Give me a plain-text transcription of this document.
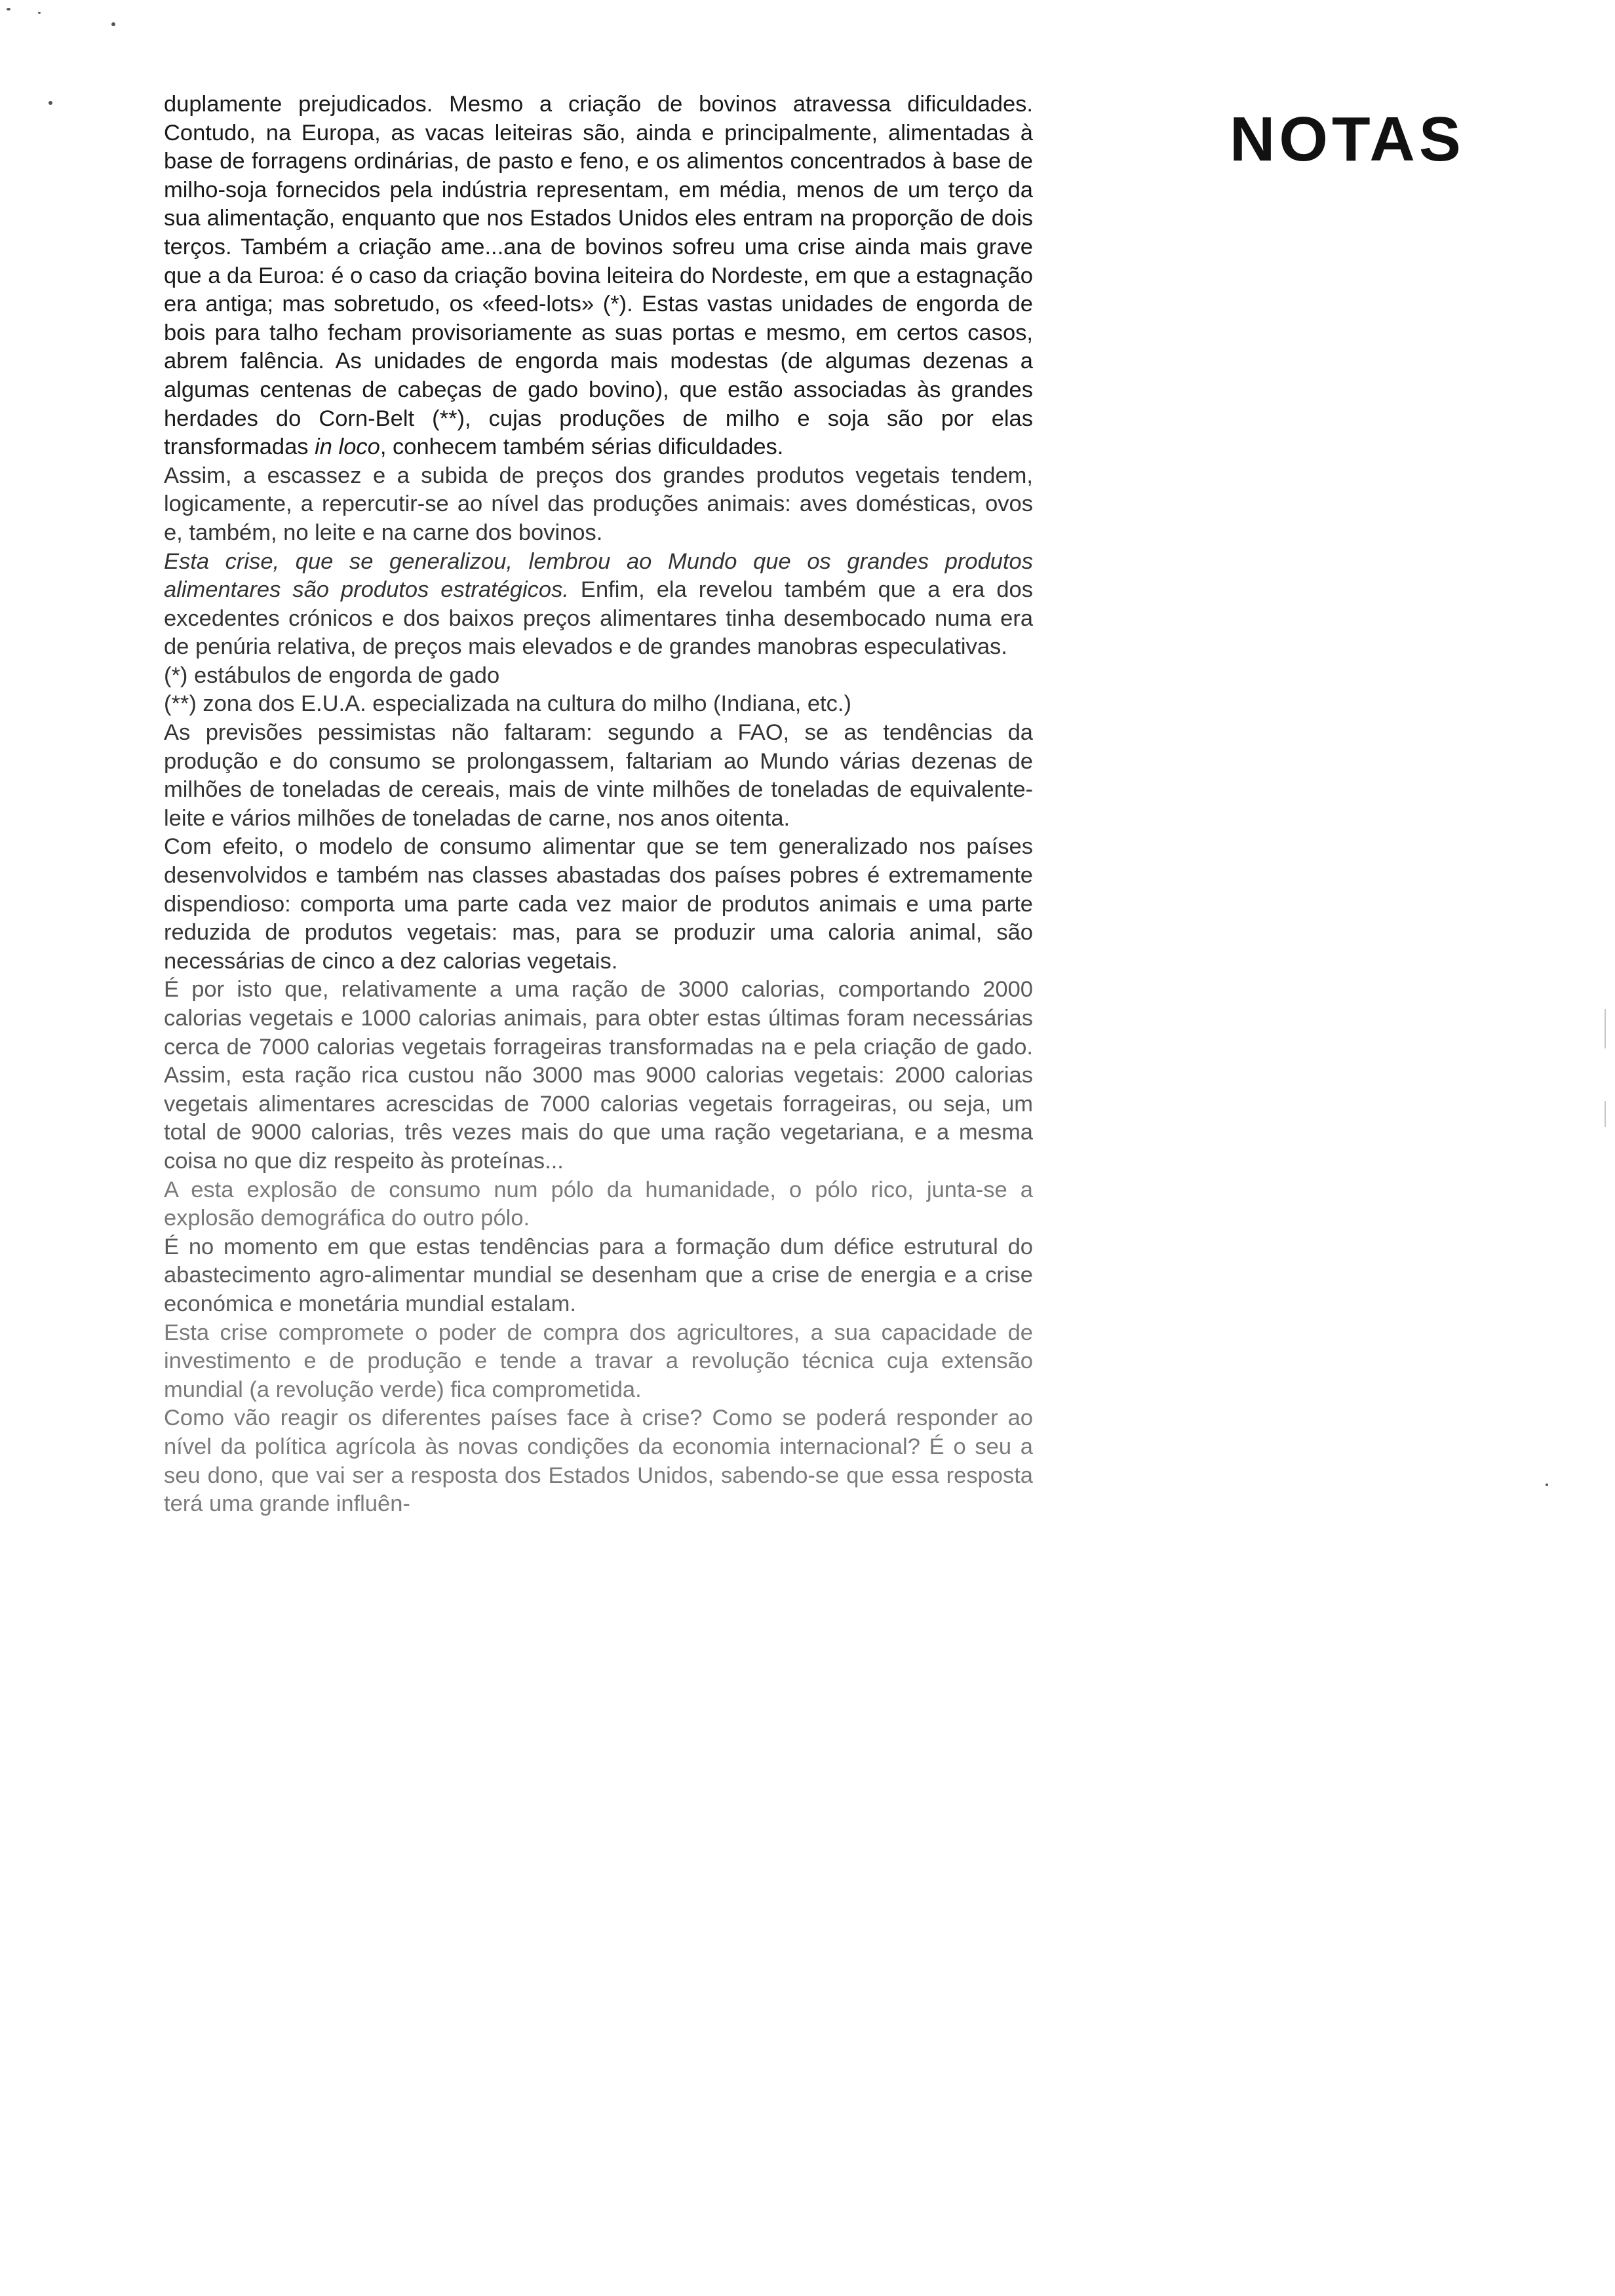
NOTAS

duplamente prejudicados. Mesmo a criação de bovinos atravessa dificuldades. Contudo, na Europa, as vacas leiteiras são, ainda e principalmente, alimentadas à base de forragens ordinárias, de pasto e feno, e os alimentos concentrados à base de milho-soja fornecidos pela indústria representam, em média, menos de um terço da sua alimentação, enquanto que nos Estados Unidos eles entram na proporção de dois terços. Também a criação ame...ana de bovinos sofreu uma crise ainda mais grave que a da Euroa: é o caso da criação bovina leiteira do Nordeste, em que a estagnação era antiga; mas sobretudo, os «feed-lots» (*). Estas vastas unidades de engorda de bois para talho fecham provisoriamente as suas portas e mesmo, em certos casos, abrem falência. As unidades de engorda mais modestas (de algumas dezenas a algumas centenas de cabeças de gado bovino), que estão associadas às grandes herdades do Corn-Belt (**), cujas produções de milho e soja são por elas transformadas in loco, conhecem também sérias dificuldades.

Assim, a escassez e a subida de preços dos grandes produtos vegetais tendem, logicamente, a repercutir-se ao nível das produções animais: aves domésticas, ovos e, também, no leite e na carne dos bovinos.

Esta crise, que se generalizou, lembrou ao Mundo que os grandes produtos alimentares são produtos estratégicos. Enfim, ela revelou também que a era dos excedentes crónicos e dos baixos preços alimentares tinha desembocado numa era de penúria relativa, de preços mais elevados e de grandes manobras especulativas.

(*) estábulos de engorda de gado

(**) zona dos E.U.A. especializada na cultura do milho (Indiana, etc.)

As previsões pessimistas não faltaram: segundo a FAO, se as tendências da produção e do consumo se prolongassem, faltariam ao Mundo várias dezenas de milhões de toneladas de cereais, mais de vinte milhões de toneladas de equivalente-leite e vários milhões de toneladas de carne, nos anos oitenta.

Com efeito, o modelo de consumo alimentar que se tem generalizado nos países desenvolvidos e também nas classes abastadas dos países pobres é extremamente dispendioso: comporta uma parte cada vez maior de produtos animais e uma parte reduzida de produtos vegetais: mas, para se produzir uma caloria animal, são necessárias de cinco a dez calorias vegetais.

É por isto que, relativamente a uma ração de 3000 calorias, comportando 2000 calorias vegetais e 1000 calorias animais, para obter estas últimas foram necessárias cerca de 7000 calorias vegetais forrageiras transformadas na e pela criação de gado. Assim, esta ração rica custou não 3000 mas 9000 calorias vegetais: 2000 calorias vegetais alimentares acrescidas de 7000 calorias vegetais forrageiras, ou seja, um total de 9000 calorias, três vezes mais do que uma ração vegetariana, e a mesma coisa no que diz respeito às proteínas...

A esta explosão de consumo num pólo da humanidade, o pólo rico, junta-se a explosão demográfica do outro pólo.

É no momento em que estas tendências para a formação dum défice estrutural do abastecimento agro-alimentar mundial se desenham que a crise de energia e a crise económica e monetária mundial estalam.

Esta crise compromete o poder de compra dos agricultores, a sua capacidade de investimento e de produção e tende a travar a revolução técnica cuja extensão mundial (a revolução verde) fica comprometida.

Como vão reagir os diferentes países face à crise? Como se poderá responder ao nível da política agrícola às novas condições da economia internacional? É o seu a seu dono, que vai ser a resposta dos Estados Unidos, sabendo-se que essa resposta terá uma grande influên-
